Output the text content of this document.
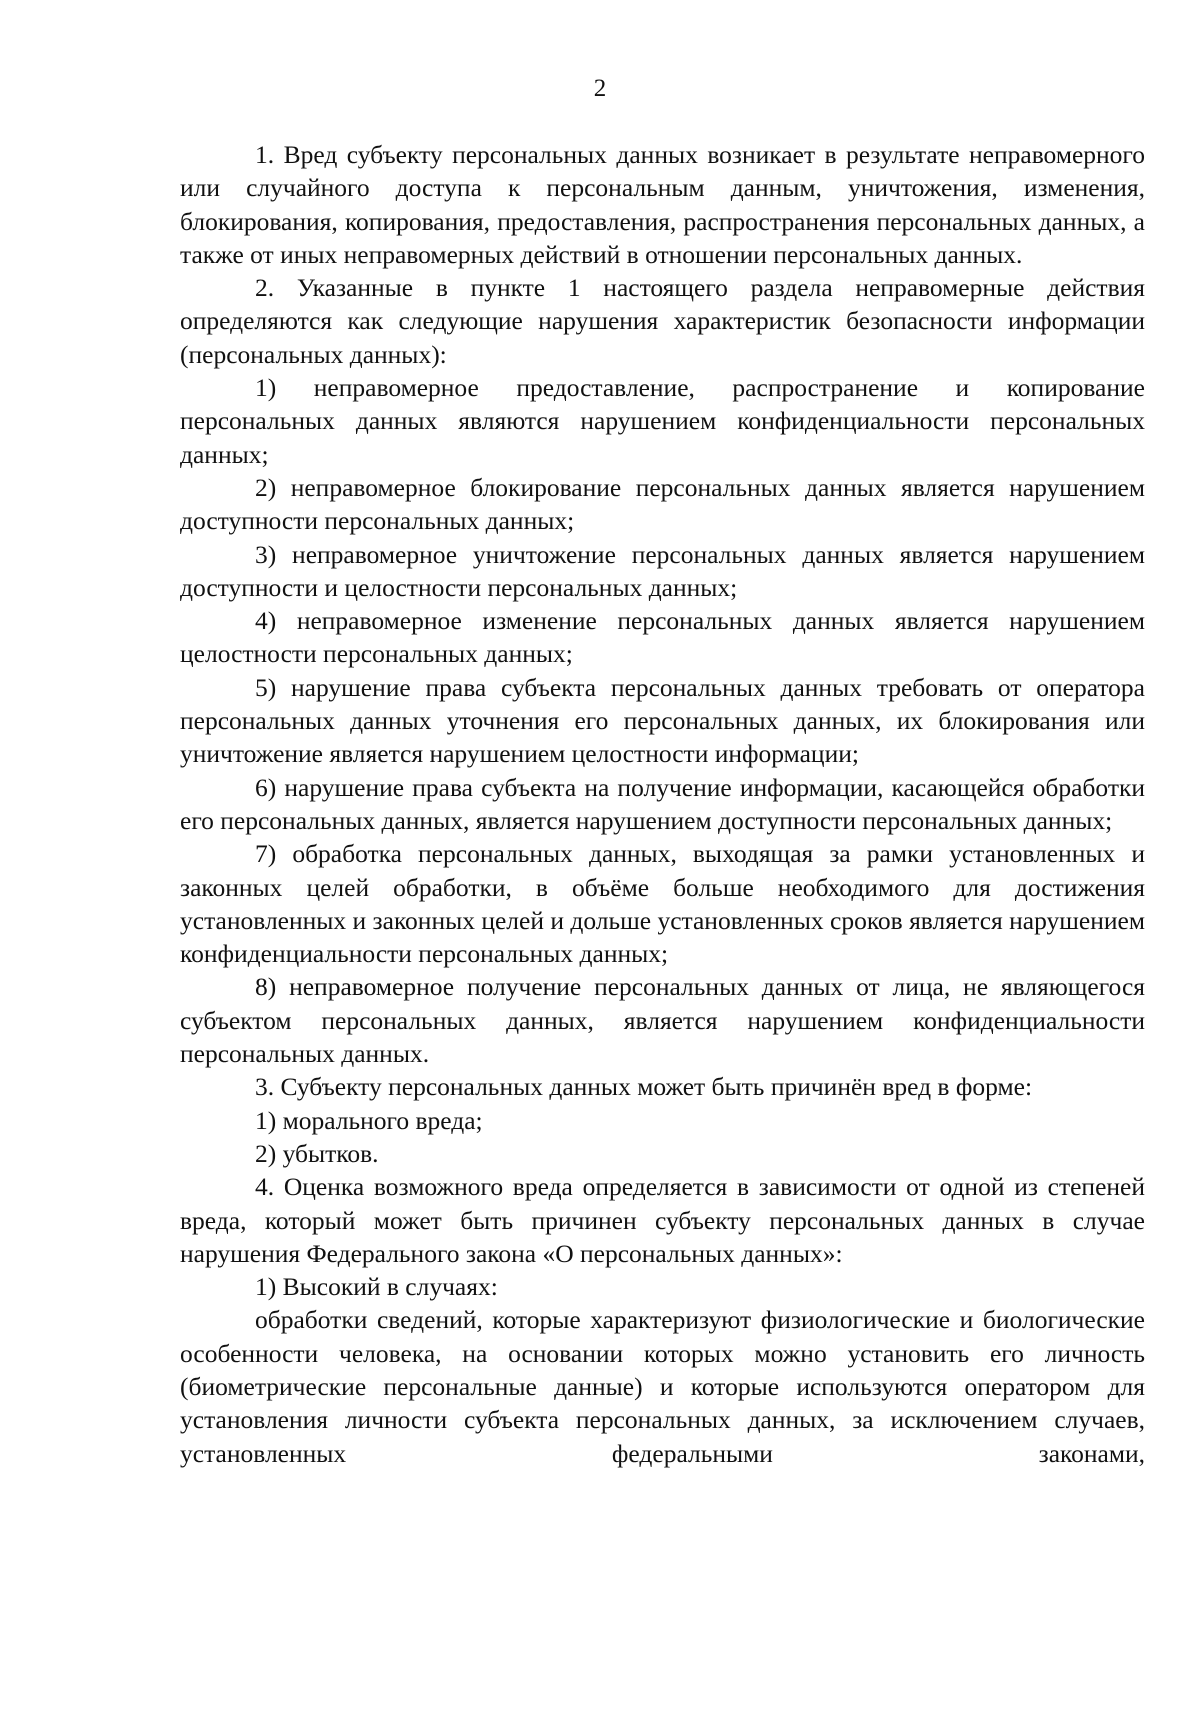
2

1. Вред субъекту персональных данных возникает в результате неправомерного или случайного доступа к персональным данным, уничтожения, изменения, блокирования, копирования, предоставления, распространения персональных данных, а также от иных неправомерных действий в отношении персональных данных.

2. Указанные в пункте 1 настоящего раздела неправомерные действия определяются как следующие нарушения характеристик безопасности информации (персональных данных):

1) неправомерное предоставление, распространение и копирование персональных данных являются нарушением конфиденциальности персональных данных;

2) неправомерное блокирование персональных данных является нарушением доступности персональных данных;

3) неправомерное уничтожение персональных данных является нарушением доступности и целостности персональных данных;

4) неправомерное изменение персональных данных является нарушением целостности персональных данных;

5) нарушение права субъекта персональных данных требовать от оператора персональных данных уточнения его персональных данных, их блокирования или уничтожение является нарушением целостности информации;

6) нарушение права субъекта на получение информации, касающейся обработки его персональных данных, является нарушением доступности персональных данных;

7) обработка персональных данных, выходящая за рамки установленных и законных целей обработки, в объёме больше необходимого для достижения установленных и законных целей и дольше установленных сроков является нарушением конфиденциальности персональных данных;

8) неправомерное получение персональных данных от лица, не являющегося субъектом персональных данных, является нарушением конфиденциальности персональных данных.

3. Субъекту персональных данных может быть причинён вред в форме:

1) морального вреда;

2) убытков.

4. Оценка возможного вреда определяется в зависимости от одной из степеней вреда, который может быть причинен субъекту персональных данных в случае нарушения Федерального закона «О персональных данных»:

1) Высокий в случаях:

обработки сведений, которые характеризуют физиологические и биологические особенности человека, на основании которых можно установить его личность (биометрические персональные данные) и которые используются оператором для установления личности субъекта персональных данных, за исключением случаев, установленных федеральными законами,
